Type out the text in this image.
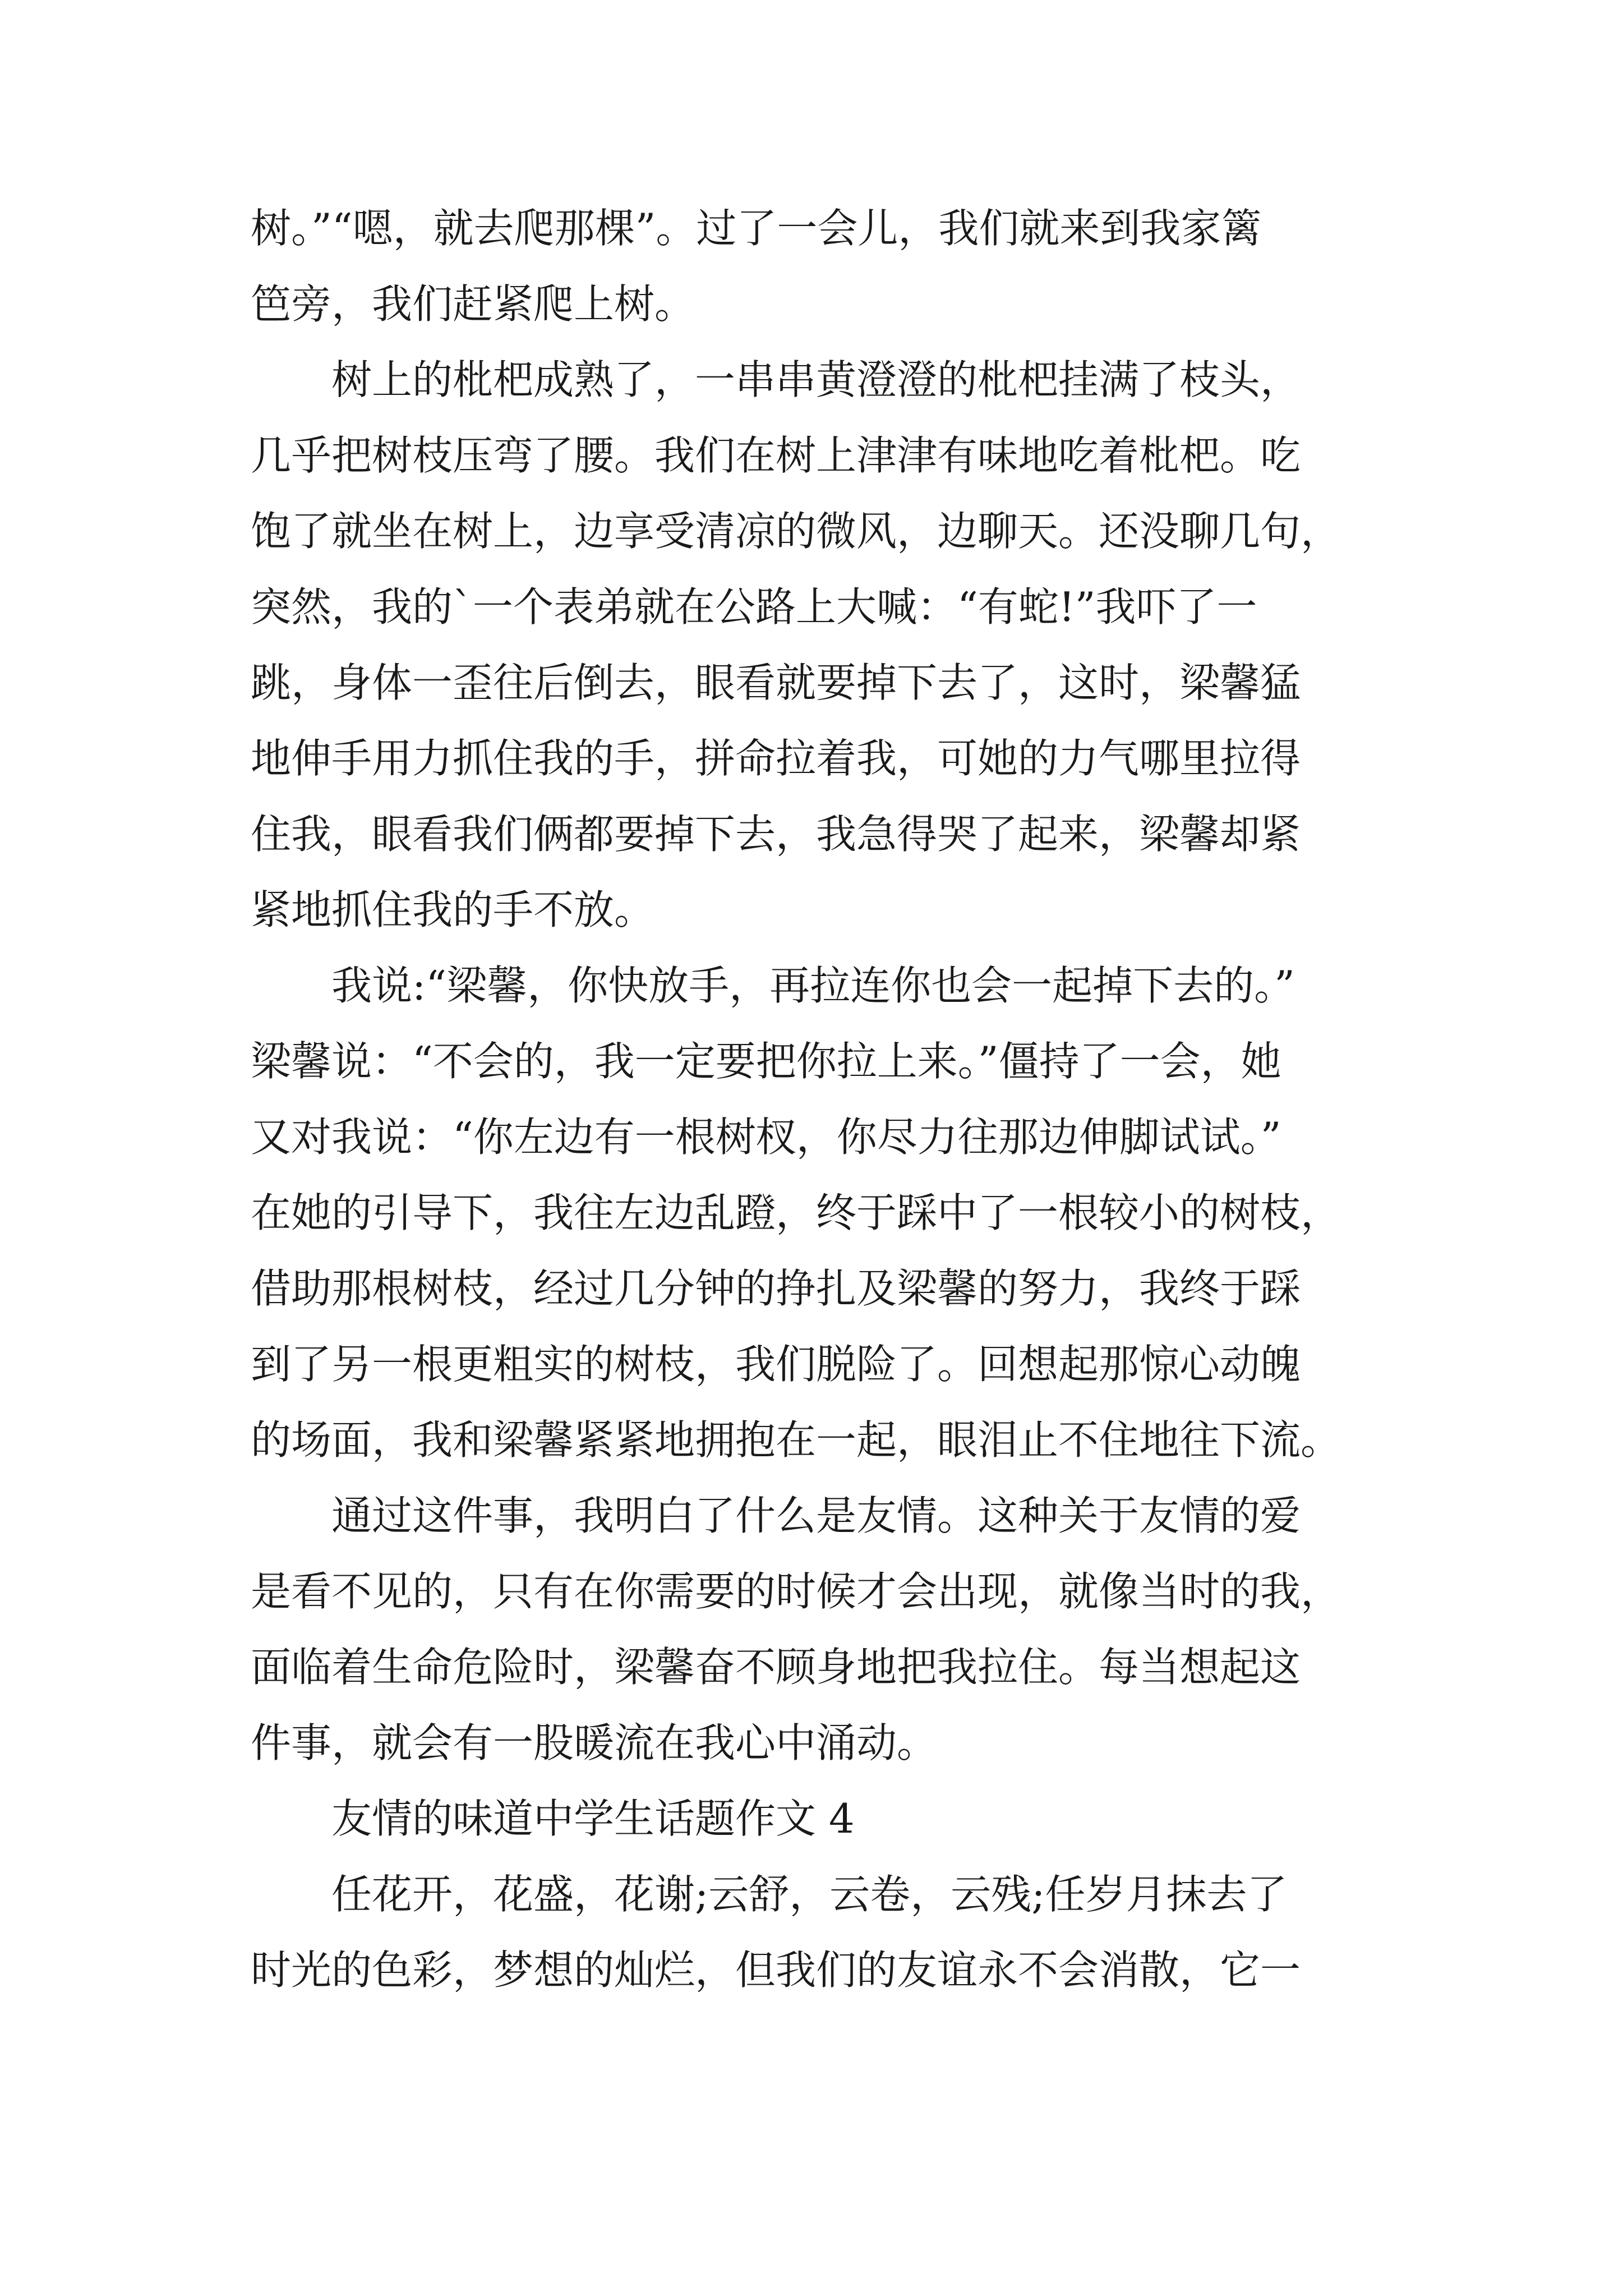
树。”“嗯，就去爬那棵”。过了一会儿，我们就来到我家篱
笆旁，我们赶紧爬上树。
　　树上的枇杷成熟了，一串串黄澄澄的枇杷挂满了枝头，
几乎把树枝压弯了腰。我们在树上津津有味地吃着枇杷。吃
饱了就坐在树上，边享受清凉的微风，边聊天。还没聊几句，
突然，我的`一个表弟就在公路上大喊：“有蛇!”我吓了一
跳，身体一歪往后倒去，眼看就要掉下去了，这时，梁馨猛
地伸手用力抓住我的手，拼命拉着我，可她的力气哪里拉得
住我，眼看我们俩都要掉下去，我急得哭了起来，梁馨却紧
紧地抓住我的手不放。
　　我说:“梁馨，你快放手，再拉连你也会一起掉下去的。”
梁馨说：“不会的，我一定要把你拉上来。”僵持了一会，她
又对我说：“你左边有一根树杈，你尽力往那边伸脚试试。”
在她的引导下，我往左边乱蹬，终于踩中了一根较小的树枝，
借助那根树枝，经过几分钟的挣扎及梁馨的努力，我终于踩
到了另一根更粗实的树枝，我们脱险了。回想起那惊心动魄
的场面，我和梁馨紧紧地拥抱在一起，眼泪止不住地往下流。
　　通过这件事，我明白了什么是友情。这种关于友情的爱
是看不见的，只有在你需要的时候才会出现，就像当时的我，
面临着生命危险时，梁馨奋不顾身地把我拉住。每当想起这
件事，就会有一股暖流在我心中涌动。
　　友情的味道中学生话题作文 4
　　任花开，花盛，花谢;云舒，云卷，云残;任岁月抹去了
时光的色彩，梦想的灿烂，但我们的友谊永不会消散，它一
